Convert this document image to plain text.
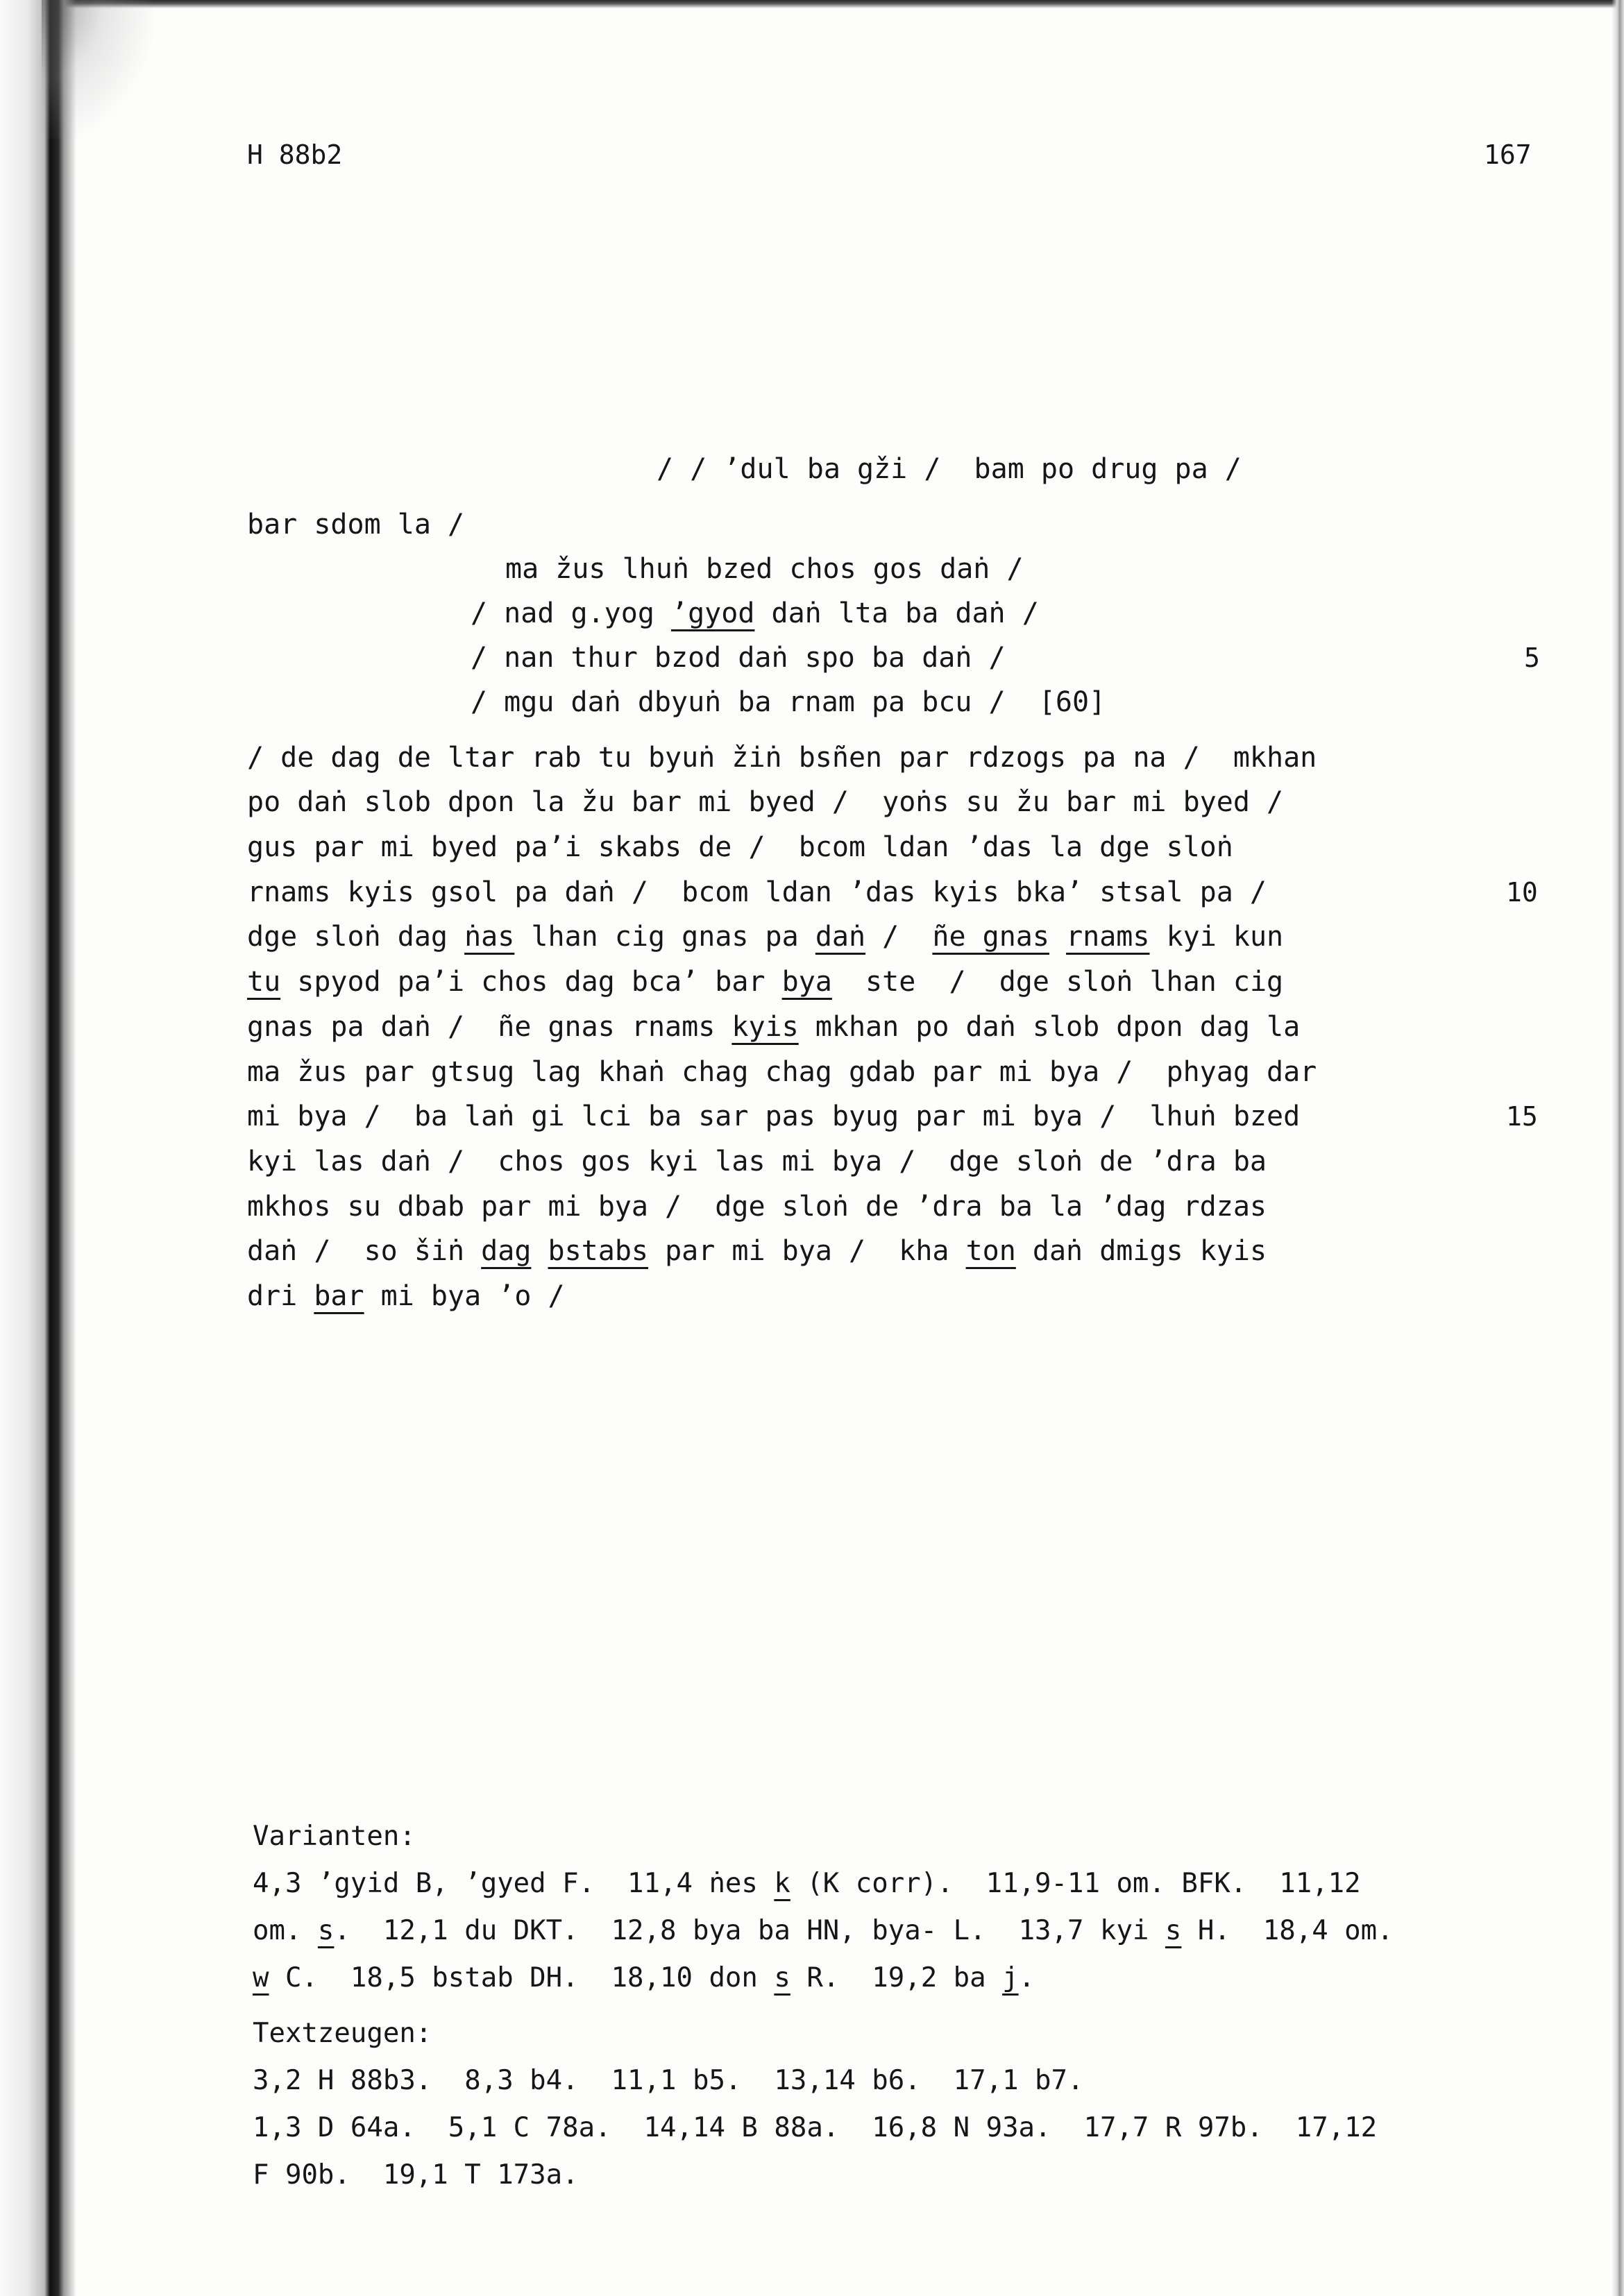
H 88b2	167
/ / ’dul ba gži /  bam po drug pa /
bar sdom la /
ma žus lhuṅ bzed chos gos daṅ /
/ nad g.yog ’gyod daṅ lta ba daṅ /
/ nan thur bzod daṅ spo ba daṅ /
/ mgu daṅ dbyuṅ ba rnam pa bcu /  [60]
/ de dag de ltar rab tu byuṅ žiṅ bsñen par rdzogs pa na /  mkhan
po daṅ slob dpon la žu bar mi byed /  yoṅs su žu bar mi byed /
gus par mi byed pa’i skabs de /  bcom ldan ’das la dge sloṅ
rnams kyis gsol pa daṅ /  bcom ldan ’das kyis bka’ stsal pa /
dge sloṅ dag ṅas lhan cig gnas pa daṅ /  ñe gnas rnams kyi kun
tu spyod pa’i chos dag bca’ bar bya  ste  /  dge sloṅ lhan cig
gnas pa daṅ /  ñe gnas rnams kyis mkhan po daṅ slob dpon dag la
ma žus par gtsug lag khaṅ chag chag gdab par mi bya /  phyag dar
mi bya /  ba laṅ gi lci ba sar pas byug par mi bya /  lhuṅ bzed
kyi las daṅ /  chos gos kyi las mi bya /  dge sloṅ de ’dra ba
mkhos su dbab par mi bya /  dge sloṅ de ’dra ba la ’dag rdzas
daṅ /  so šiṅ dag bstabs par mi bya /  kha ton daṅ dmigs kyis
dri bar mi bya ’o /
5
10
15
Varianten:
4,3 ’gyid B, ’gyed F.  11,4 ṅes k (K corr).  11,9-11 om. BFK.  11,12
om. s.  12,1 du DKT.  12,8 bya ba HN, bya- L.  13,7 kyi s H.  18,4 om.
w C.  18,5 bstab DH.  18,10 don s R.  19,2 ba j.
Textzeugen:
3,2 H 88b3.  8,3 b4.  11,1 b5.  13,14 b6.  17,1 b7.
1,3 D 64a.  5,1 C 78a.  14,14 B 88a.  16,8 N 93a.  17,7 R 97b.  17,12
F 90b.  19,1 T 173a.
